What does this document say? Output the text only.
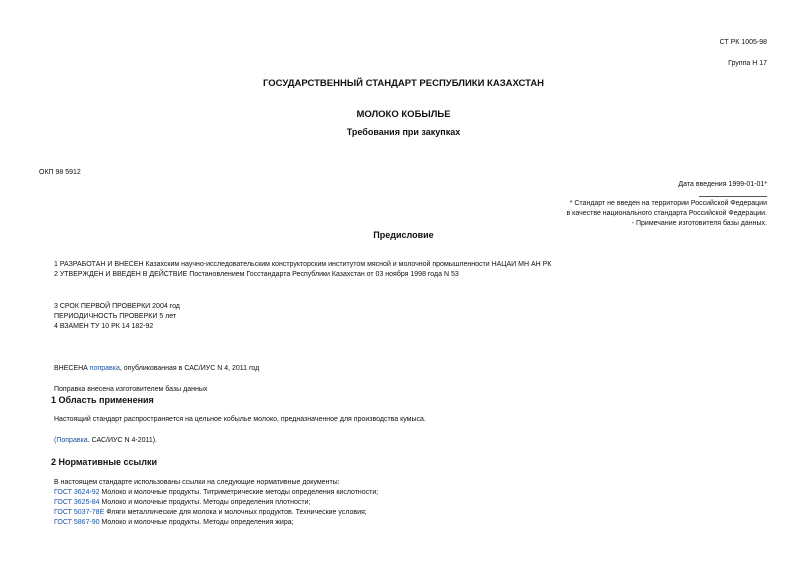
СТ РК 1005-98
Группа Н 17
ГОСУДАРСТВЕННЫЙ СТАНДАРТ РЕСПУБЛИКИ КАЗАХСТАН
МОЛОКО КОБЫЛЬЕ
Требования при закупках
ОКП 98 5912
Дата введения 1999-01-01*
* Стандарт не введен на территории Российской Федерации
в качестве национального стандарта Российской Федерации.
- Примечание изготовителя базы данных.
Предисловие
1 РАЗРАБОТАН И ВНЕСЕН Казахским научно-исследовательским конструкторским институтом мясной и молочной промышленности НАЦАИ МН АН РК
2 УТВЕРЖДЕН И ВВЕДЕН В ДЕЙСТВИЕ Постановлением Госстандарта Республики Казахстан от 03 ноября 1998 года N 53
3 СРОК ПЕРВОЙ ПРОВЕРКИ 2004 год
ПЕРИОДИЧНОСТЬ ПРОВЕРКИ 5 лет
4 ВЗАМЕН ТУ 10 РК 14 182-92
ВНЕСЕНА поправка, опубликованная в САС/ИУС N 4, 2011 год
Поправка внесена изготовителем базы данных
1 Область применения
Настоящий стандарт распространяется на цельное кобылье молоко, предназначенное для производства кумыса.
(Поправка. САС/ИУС N 4-2011).
2 Нормативные ссылки
В настоящем стандарте использованы ссылки на следующие нормативные документы:
ГОСТ 3624-92 Молоко и молочные продукты. Титриметрические методы определения кислотности;
ГОСТ 3625-84 Молоко и молочные продукты. Методы определения плотности;
ГОСТ 5037-78Е Фляги металлические для молока и молочных продуктов. Технические условия;
ГОСТ 5867-90 Молоко и молочные продукты. Методы определения жира;
